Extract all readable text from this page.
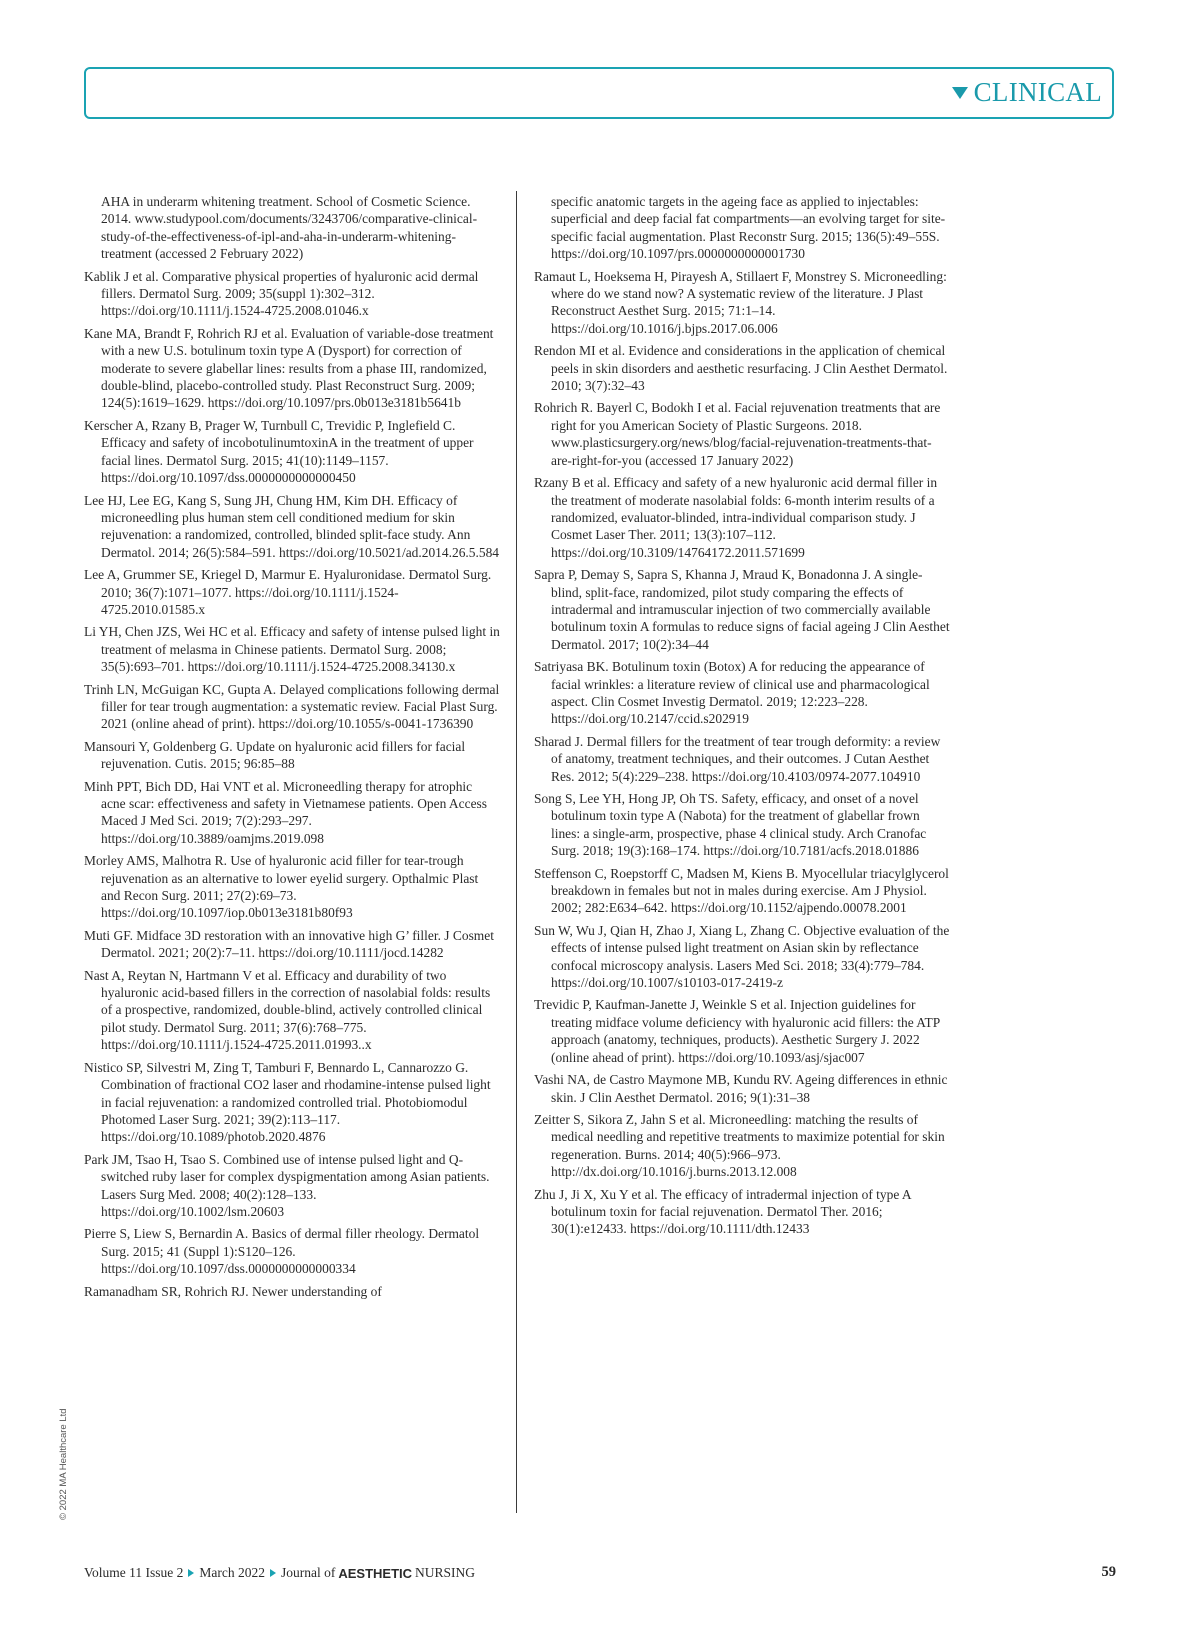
CLINICAL

AHA in underarm whitening treatment. School of Cosmetic Science. 2014. www.studypool.com/documents/3243706/comparative-clinical-study-of-the-effectiveness-of-ipl-and-aha-in-underarm-whitening-treatment (accessed 2 February 2022)

Kablik J et al. Comparative physical properties of hyaluronic acid dermal fillers. Dermatol Surg. 2009; 35(suppl 1):302–312. https://doi.org/10.1111/j.1524-4725.2008.01046.x

Kane MA, Brandt F, Rohrich RJ et al. Evaluation of variable-dose treatment with a new U.S. botulinum toxin type A (Dysport) for correction of moderate to severe glabellar lines: results from a phase III, randomized, double-blind, placebo-controlled study. Plast Reconstruct Surg. 2009; 124(5):1619–1629. https://doi.org/10.1097/prs.0b013e3181b5641b

Kerscher A, Rzany B, Prager W, Turnbull C, Trevidic P, Inglefield C. Efficacy and safety of incobotulinumtoxinA in the treatment of upper facial lines. Dermatol Surg. 2015; 41(10):1149–1157. https://doi.org/10.1097/dss.0000000000000450

Lee HJ, Lee EG, Kang S, Sung JH, Chung HM, Kim DH. Efficacy of microneedling plus human stem cell conditioned medium for skin rejuvenation: a randomized, controlled, blinded split-face study. Ann Dermatol. 2014; 26(5):584–591. https://doi.org/10.5021/ad.2014.26.5.584

Lee A, Grummer SE, Kriegel D, Marmur E. Hyaluronidase. Dermatol Surg. 2010; 36(7):1071–1077. https://doi.org/10.1111/j.1524-4725.2010.01585.x

Li YH, Chen JZS, Wei HC et al. Efficacy and safety of intense pulsed light in treatment of melasma in Chinese patients. Dermatol Surg. 2008; 35(5):693–701. https://doi.org/10.1111/j.1524-4725.2008.34130.x

Trinh LN, McGuigan KC, Gupta A. Delayed complications following dermal filler for tear trough augmentation: a systematic review. Facial Plast Surg. 2021 (online ahead of print). https://doi.org/10.1055/s-0041-1736390

Mansouri Y, Goldenberg G. Update on hyaluronic acid fillers for facial rejuvenation. Cutis. 2015; 96:85–88

Minh PPT, Bich DD, Hai VNT et al. Microneedling therapy for atrophic acne scar: effectiveness and safety in Vietnamese patients. Open Access Maced J Med Sci. 2019; 7(2):293–297. https://doi.org/10.3889/oamjms.2019.098

Morley AMS, Malhotra R. Use of hyaluronic acid filler for tear-trough rejuvenation as an alternative to lower eyelid surgery. Opthalmic Plast and Recon Surg. 2011; 27(2):69–73. https://doi.org/10.1097/iop.0b013e3181b80f93

Muti GF. Midface 3D restoration with an innovative high G’ filler. J Cosmet Dermatol. 2021; 20(2):7–11. https://doi.org/10.1111/jocd.14282

Nast A, Reytan N, Hartmann V et al. Efficacy and durability of two hyaluronic acid-based fillers in the correction of nasolabial folds: results of a prospective, randomized, double-blind, actively controlled clinical pilot study. Dermatol Surg. 2011; 37(6):768–775. https://doi.org/10.1111/j.1524-4725.2011.01993..x

Nistico SP, Silvestri M, Zing T, Tamburi F, Bennardo L, Cannarozzo G. Combination of fractional CO2 laser and rhodamine-intense pulsed light in facial rejuvenation: a randomized controlled trial. Photobiomodul Photomed Laser Surg. 2021; 39(2):113–117. https://doi.org/10.1089/photob.2020.4876

Park JM, Tsao H, Tsao S. Combined use of intense pulsed light and Q-switched ruby laser for complex dyspigmentation among Asian patients. Lasers Surg Med. 2008; 40(2):128–133. https://doi.org/10.1002/lsm.20603

Pierre S, Liew S, Bernardin A. Basics of dermal filler rheology. Dermatol Surg. 2015; 41 (Suppl 1):S120–126. https://doi.org/10.1097/dss.0000000000000334

Ramanadham SR, Rohrich RJ. Newer understanding of

specific anatomic targets in the ageing face as applied to injectables: superficial and deep facial fat compartments—an evolving target for site-specific facial augmentation. Plast Reconstr Surg. 2015; 136(5):49–55S. https://doi.org/10.1097/prs.0000000000001730

Ramaut L, Hoeksema H, Pirayesh A, Stillaert F, Monstrey S. Microneedling: where do we stand now? A systematic review of the literature. J Plast Reconstruct Aesthet Surg. 2015; 71:1–14. https://doi.org/10.1016/j.bjps.2017.06.006

Rendon MI et al. Evidence and considerations in the application of chemical peels in skin disorders and aesthetic resurfacing. J Clin Aesthet Dermatol. 2010; 3(7):32–43

Rohrich R. Bayerl C, Bodokh I et al. Facial rejuvenation treatments that are right for you American Society of Plastic Surgeons. 2018. www.plasticsurgery.org/news/blog/facial-rejuvenation-treatments-that-are-right-for-you (accessed 17 January 2022)

Rzany B et al. Efficacy and safety of a new hyaluronic acid dermal filler in the treatment of moderate nasolabial folds: 6-month interim results of a randomized, evaluator-blinded, intra-individual comparison study. J Cosmet Laser Ther. 2011; 13(3):107–112. https://doi.org/10.3109/14764172.2011.571699

Sapra P, Demay S, Sapra S, Khanna J, Mraud K, Bonadonna J. A single-blind, split-face, randomized, pilot study comparing the effects of intradermal and intramuscular injection of two commercially available botulinum toxin A formulas to reduce signs of facial ageing J Clin Aesthet Dermatol. 2017; 10(2):34–44

Satriyasa BK. Botulinum toxin (Botox) A for reducing the appearance of facial wrinkles: a literature review of clinical use and pharmacological aspect. Clin Cosmet Investig Dermatol. 2019; 12:223–228. https://doi.org/10.2147/ccid.s202919

Sharad J. Dermal fillers for the treatment of tear trough deformity: a review of anatomy, treatment techniques, and their outcomes. J Cutan Aesthet Res. 2012; 5(4):229–238. https://doi.org/10.4103/0974-2077.104910

Song S, Lee YH, Hong JP, Oh TS. Safety, efficacy, and onset of a novel botulinum toxin type A (Nabota) for the treatment of glabellar frown lines: a single-arm, prospective, phase 4 clinical study. Arch Cranofac Surg. 2018; 19(3):168–174. https://doi.org/10.7181/acfs.2018.01886

Steffenson C, Roepstorff C, Madsen M, Kiens B. Myocellular triacylglycerol breakdown in females but not in males during exercise. Am J Physiol. 2002; 282:E634–642. https://doi.org/10.1152/ajpendo.00078.2001

Sun W, Wu J, Qian H, Zhao J, Xiang L, Zhang C. Objective evaluation of the effects of intense pulsed light treatment on Asian skin by reflectance confocal microscopy analysis. Lasers Med Sci. 2018; 33(4):779–784. https://doi.org/10.1007/s10103-017-2419-z

Trevidic P, Kaufman-Janette J, Weinkle S et al. Injection guidelines for treating midface volume deficiency with hyaluronic acid fillers: the ATP approach (anatomy, techniques, products). Aesthetic Surgery J. 2022 (online ahead of print). https://doi.org/10.1093/asj/sjac007

Vashi NA, de Castro Maymone MB, Kundu RV. Ageing differences in ethnic skin. J Clin Aesthet Dermatol. 2016; 9(1):31–38

Zeitter S, Sikora Z, Jahn S et al. Microneedling: matching the results of medical needling and repetitive treatments to maximize potential for skin regeneration. Burns. 2014; 40(5):966–973. http://dx.doi.org/10.1016/j.burns.2013.12.008

Zhu J, Ji X, Xu Y et al. The efficacy of intradermal injection of type A botulinum toxin for facial rejuvenation. Dermatol Ther. 2016; 30(1):e12433. https://doi.org/10.1111/dth.12433

© 2022 MA Healthcare Ltd
Volume 11 Issue 2 March 2022 Journal of AESTHETIC NURSING	59
